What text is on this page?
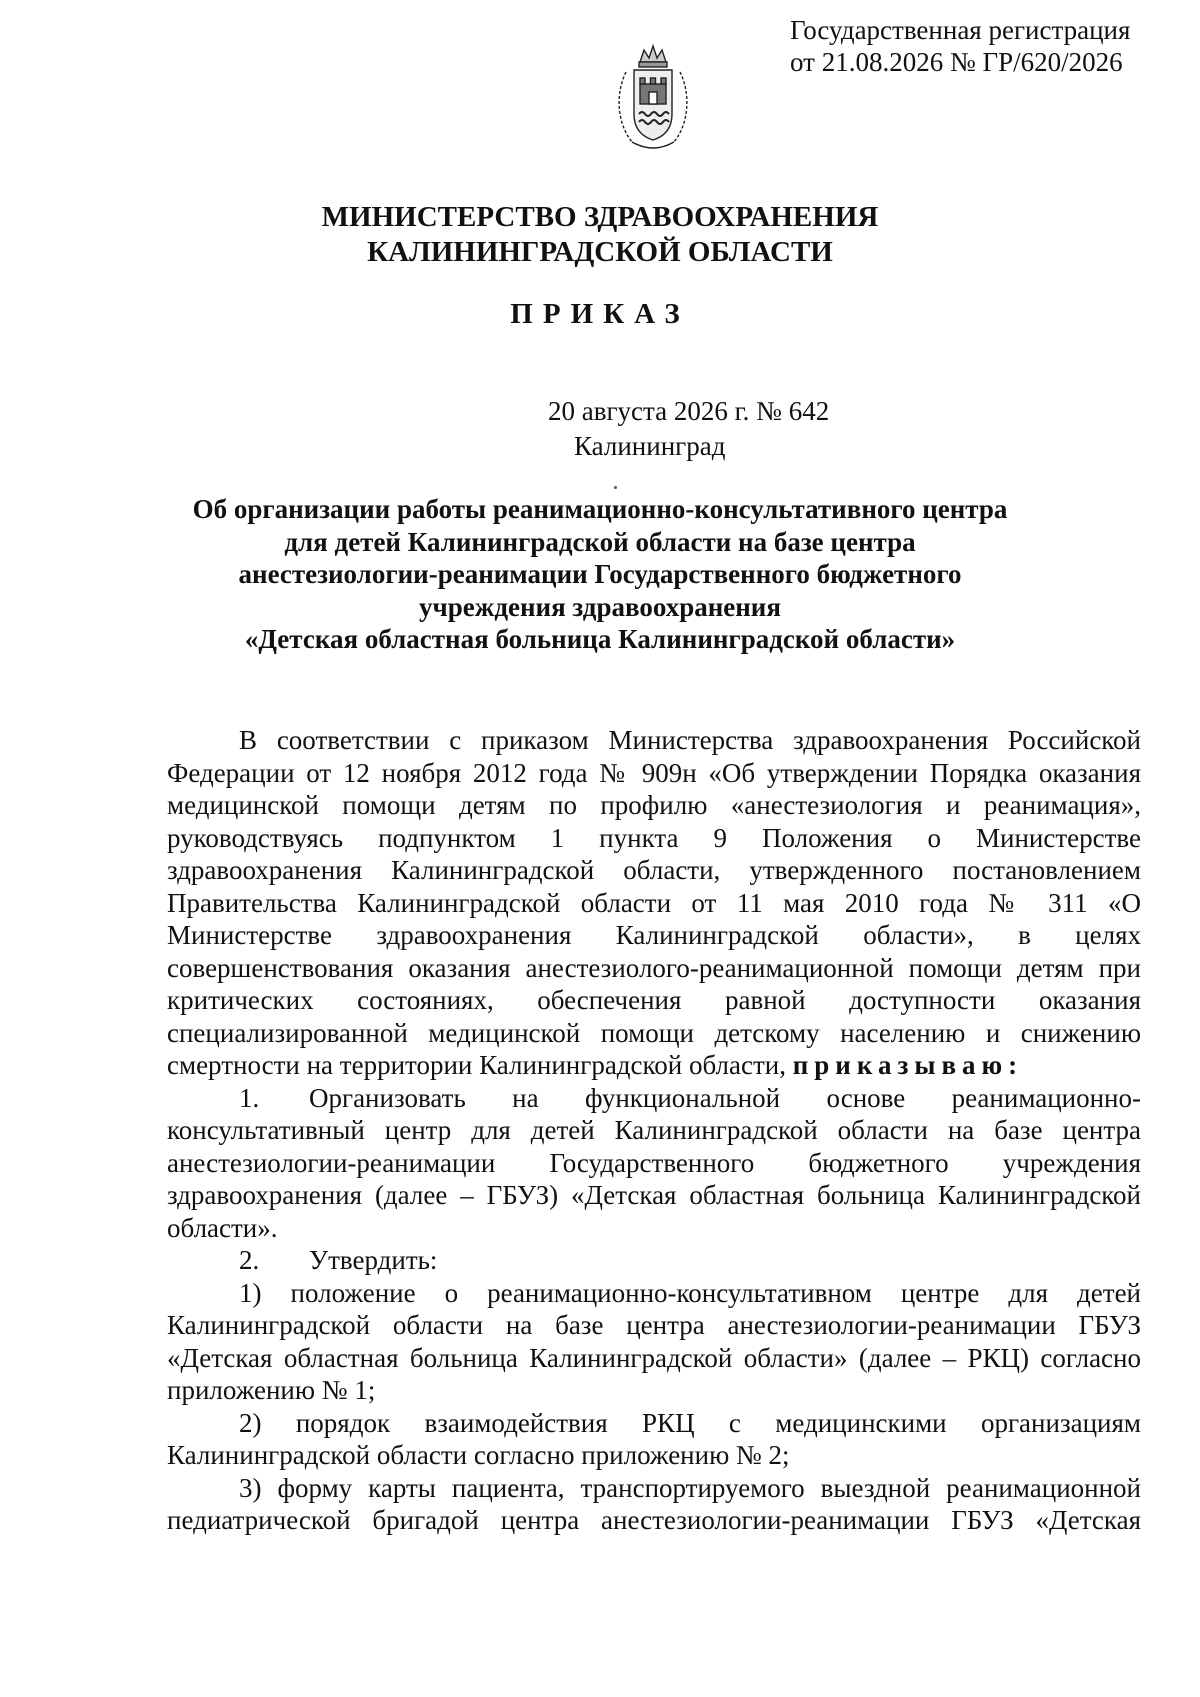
Государственная регистрация
от 21.08.2026 № ГР/620/2026
МИНИСТЕРСТВО ЗДРАВООХРАНЕНИЯ
КАЛИНИНГРАДСКОЙ ОБЛАСТИ
ПРИКАЗ
20 августа 2026 г. № 642
Калининград
Об организации работы реанимационно-консультативного центра
для детей Калининградской области на базе центра
анестезиологии-реанимации Государственного бюджетного
учреждения здравоохранения
«Детская областная больница Калининградской области»

В соответствии с приказом Министерства здравоохранения Российской Федерации от 12 ноября 2012 года № 909н «Об утверждении Порядка оказания медицинской помощи детям по профилю «анестезиология и реанимация», руководствуясь подпунктом 1 пункта 9 Положения о Министерстве здравоохранения Калининградской области, утвержденного постановлением Правительства Калининградской области от 11 мая 2010 года № 311 «О Министерстве здравоохранения Калининградской области», в целях совершенствования оказания анестезиолого-реанимационной помощи детям при критических состояниях, обеспечения равной доступности оказания специализированной медицинской помощи детскому населению и снижению смертности на территории Калининградской области, приказываю:

1. Организовать на функциональной основе реанимационно-консультативный центр для детей Калининградской области на базе центра анестезиологии-реанимации Государственного бюджетного учреждения здравоохранения (далее – ГБУЗ) «Детская областная больница Калининградской области».

2. Утвердить:

1) положение о реанимационно-консультативном центре для детей Калининградской области на базе центра анестезиологии-реанимации ГБУЗ «Детская областная больница Калининградской области» (далее – РКЦ) согласно приложению № 1;

2) порядок взаимодействия РКЦ с медицинскими организациям Калининградской области согласно приложению № 2;

3) форму карты пациента, транспортируемого выездной реанимационной педиатрической бригадой центра анестезиологии-реанимации ГБУЗ «Детская
